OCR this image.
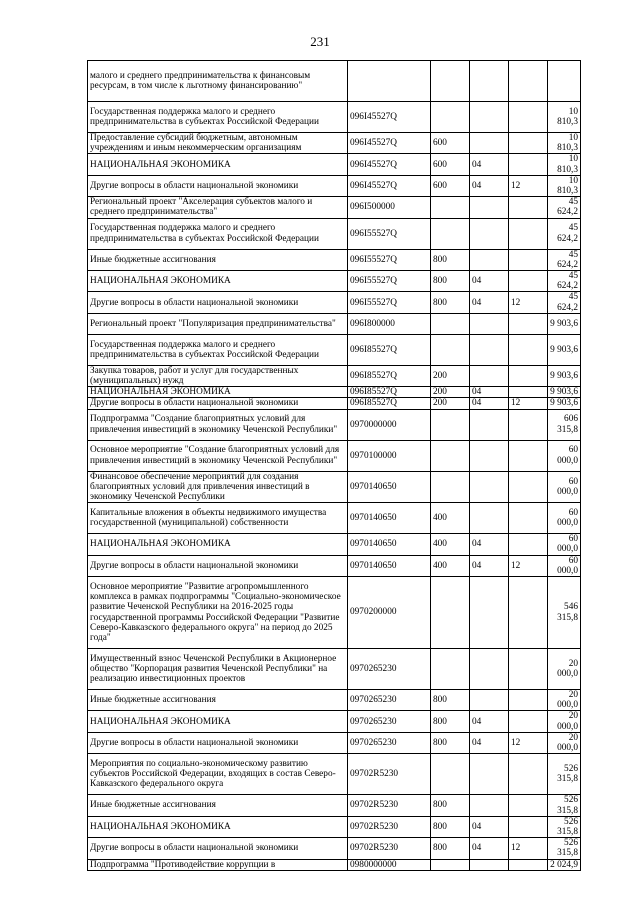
231
малого и среднего предпринимательства к финансовым ресурсам, в том числе к льготному финансированию"					
Государственная поддержка малого и среднего предпринимательства в субъектах Российской Федерации	096I45527Q				10 810,3
Предоставление субсидий бюджетным, автономным учреждениям и иным некоммерческим организациям	096I45527Q	600			10 810,3
НАЦИОНАЛЬНАЯ ЭКОНОМИКА	096I45527Q	600	04		10 810,3
Другие вопросы в области национальной экономики	096I45527Q	600	04	12	10 810,3
Региональный проект "Акселерация субъектов малого и среднего предпринимательства"	096I500000				45 624,2
Государственная поддержка малого и среднего предпринимательства в субъектах Российской Федерации	096I55527Q				45 624,2
Иные бюджетные ассигнования	096I55527Q	800			45 624,2
НАЦИОНАЛЬНАЯ ЭКОНОМИКА	096I55527Q	800	04		45 624,2
Другие вопросы в области национальной экономики	096I55527Q	800	04	12	45 624,2
Региональный проект "Популяризация предпринимательства"	096I800000				9 903,6
Государственная поддержка малого и среднего предпринимательства в субъектах Российской Федерации	096I85527Q				9 903,6
Закупка товаров, работ и услуг для государственных (муниципальных) нужд	096I85527Q	200			9 903,6
НАЦИОНАЛЬНАЯ ЭКОНОМИКА	096I85527Q	200	04		9 903,6
Другие вопросы в области национальной экономики	096I85527Q	200	04	12	9 903,6
Подпрограмма "Создание благоприятных условий для привлечения инвестиций в экономику Чеченской Республики"	0970000000				606 315,8
Основное мероприятие "Создание благоприятных условий для привлечения инвестиций в экономику Чеченской Республики"	0970100000				60 000,0
Финансовое обеспечение мероприятий для создания благоприятных условий для привлечения инвестиций в экономику Чеченской Республики	0970140650				60 000,0
Капитальные вложения в объекты недвижимого имущества государственной (муниципальной) собственности	0970140650	400			60 000,0
НАЦИОНАЛЬНАЯ ЭКОНОМИКА	0970140650	400	04		60 000,0
Другие вопросы в области национальной экономики	0970140650	400	04	12	60 000,0
Основное мероприятие "Развитие агропромышленного комплекса в рамках подпрограммы "Социально-экономическое развитие Чеченской Республики на 2016-2025 годы государственной программы Российской Федерации "Развитие Северо-Кавказского федерального округа" на период до 2025 года"	0970200000				546 315,8
Имущественный взнос Чеченской Республики в Акционерное общество "Корпорация развития Чеченской Республики" на реализацию инвестиционных проектов	0970265230				20 000,0
Иные бюджетные ассигнования	0970265230	800			20 000,0
НАЦИОНАЛЬНАЯ ЭКОНОМИКА	0970265230	800	04		20 000,0
Другие вопросы в области национальной экономики	0970265230	800	04	12	20 000,0
Мероприятия по социально-экономическому развитию субъектов Российской Федерации, входящих в состав Северо-Кавказского федерального округа	09702R5230				526 315,8
Иные бюджетные ассигнования	09702R5230	800			526 315,8
НАЦИОНАЛЬНАЯ ЭКОНОМИКА	09702R5230	800	04		526 315,8
Другие вопросы в области национальной экономики	09702R5230	800	04	12	526 315,8
Подпрограмма "Противодействие коррупции в	0980000000				2 024,9
